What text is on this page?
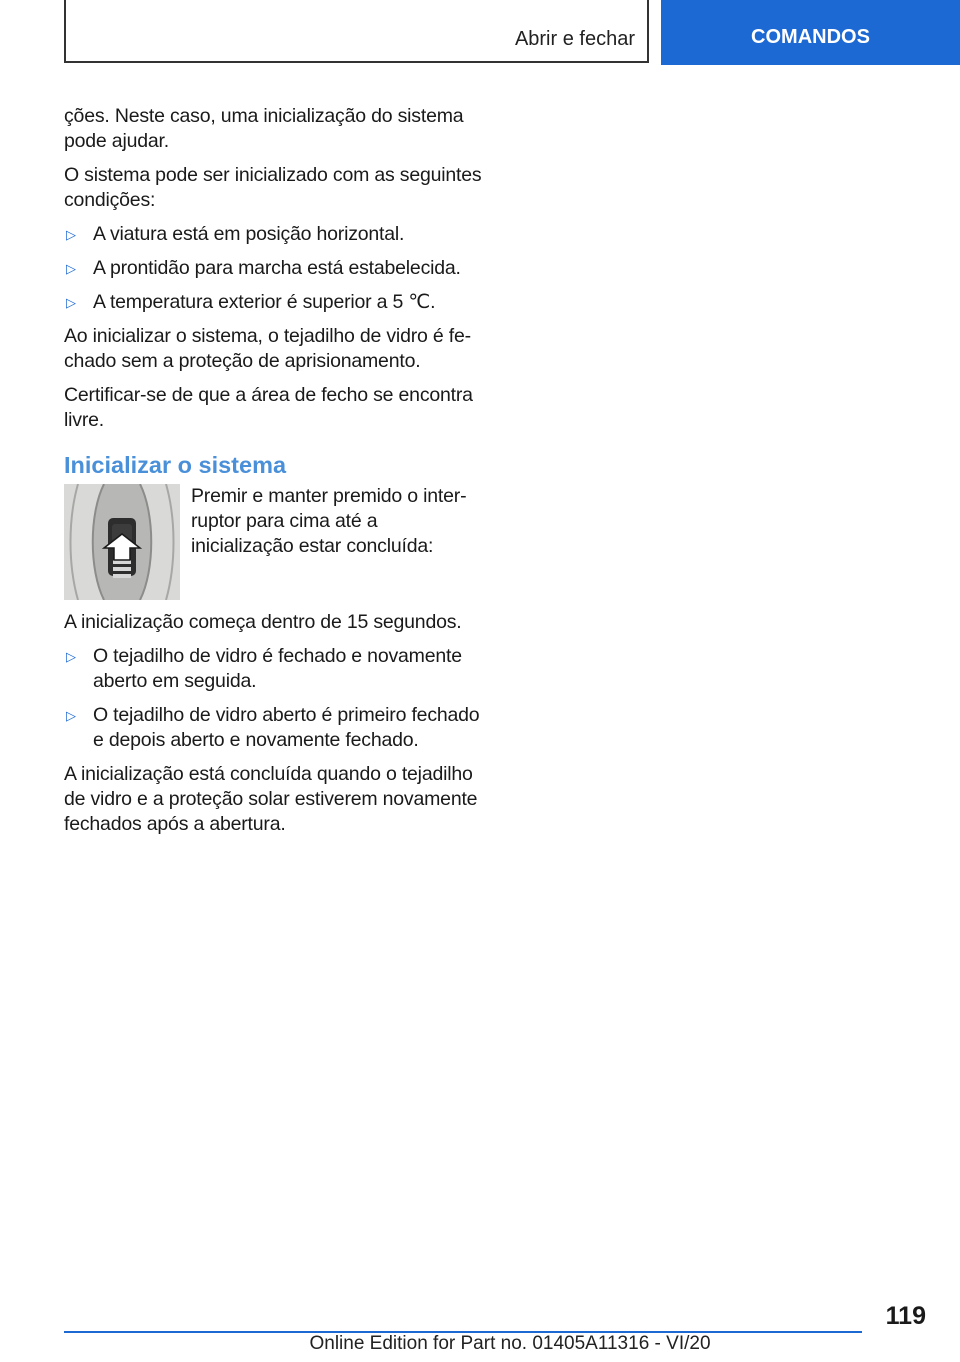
Abrir e fechar	COMANDOS

ções. Neste caso, uma inicialização do sistema pode ajudar.

O sistema pode ser inicializado com as seguintes condições:

▷ A viatura está em posição horizontal.
▷ A prontidão para marcha está estabelecida.
▷ A temperatura exterior é superior a 5 ℃.

Ao inicializar o sistema, o tejadilho de vidro é fechado sem a proteção de aprisionamento.

Certificar-se de que a área de fecho se encontra livre.

Inicializar o sistema
Premir e manter premido o interruptor para cima até a inicialização estar concluída:

A inicialização começa dentro de 15 segundos.

▷ O tejadilho de vidro é fechado e novamente aberto em seguida.
▷ O tejadilho de vidro aberto é primeiro fechado e depois aberto e novamente fechado.

A inicialização está concluída quando o tejadilho de vidro e a proteção solar estiverem novamente fechados após a abertura.

119
Online Edition for Part no. 01405A11316 - VI/20
